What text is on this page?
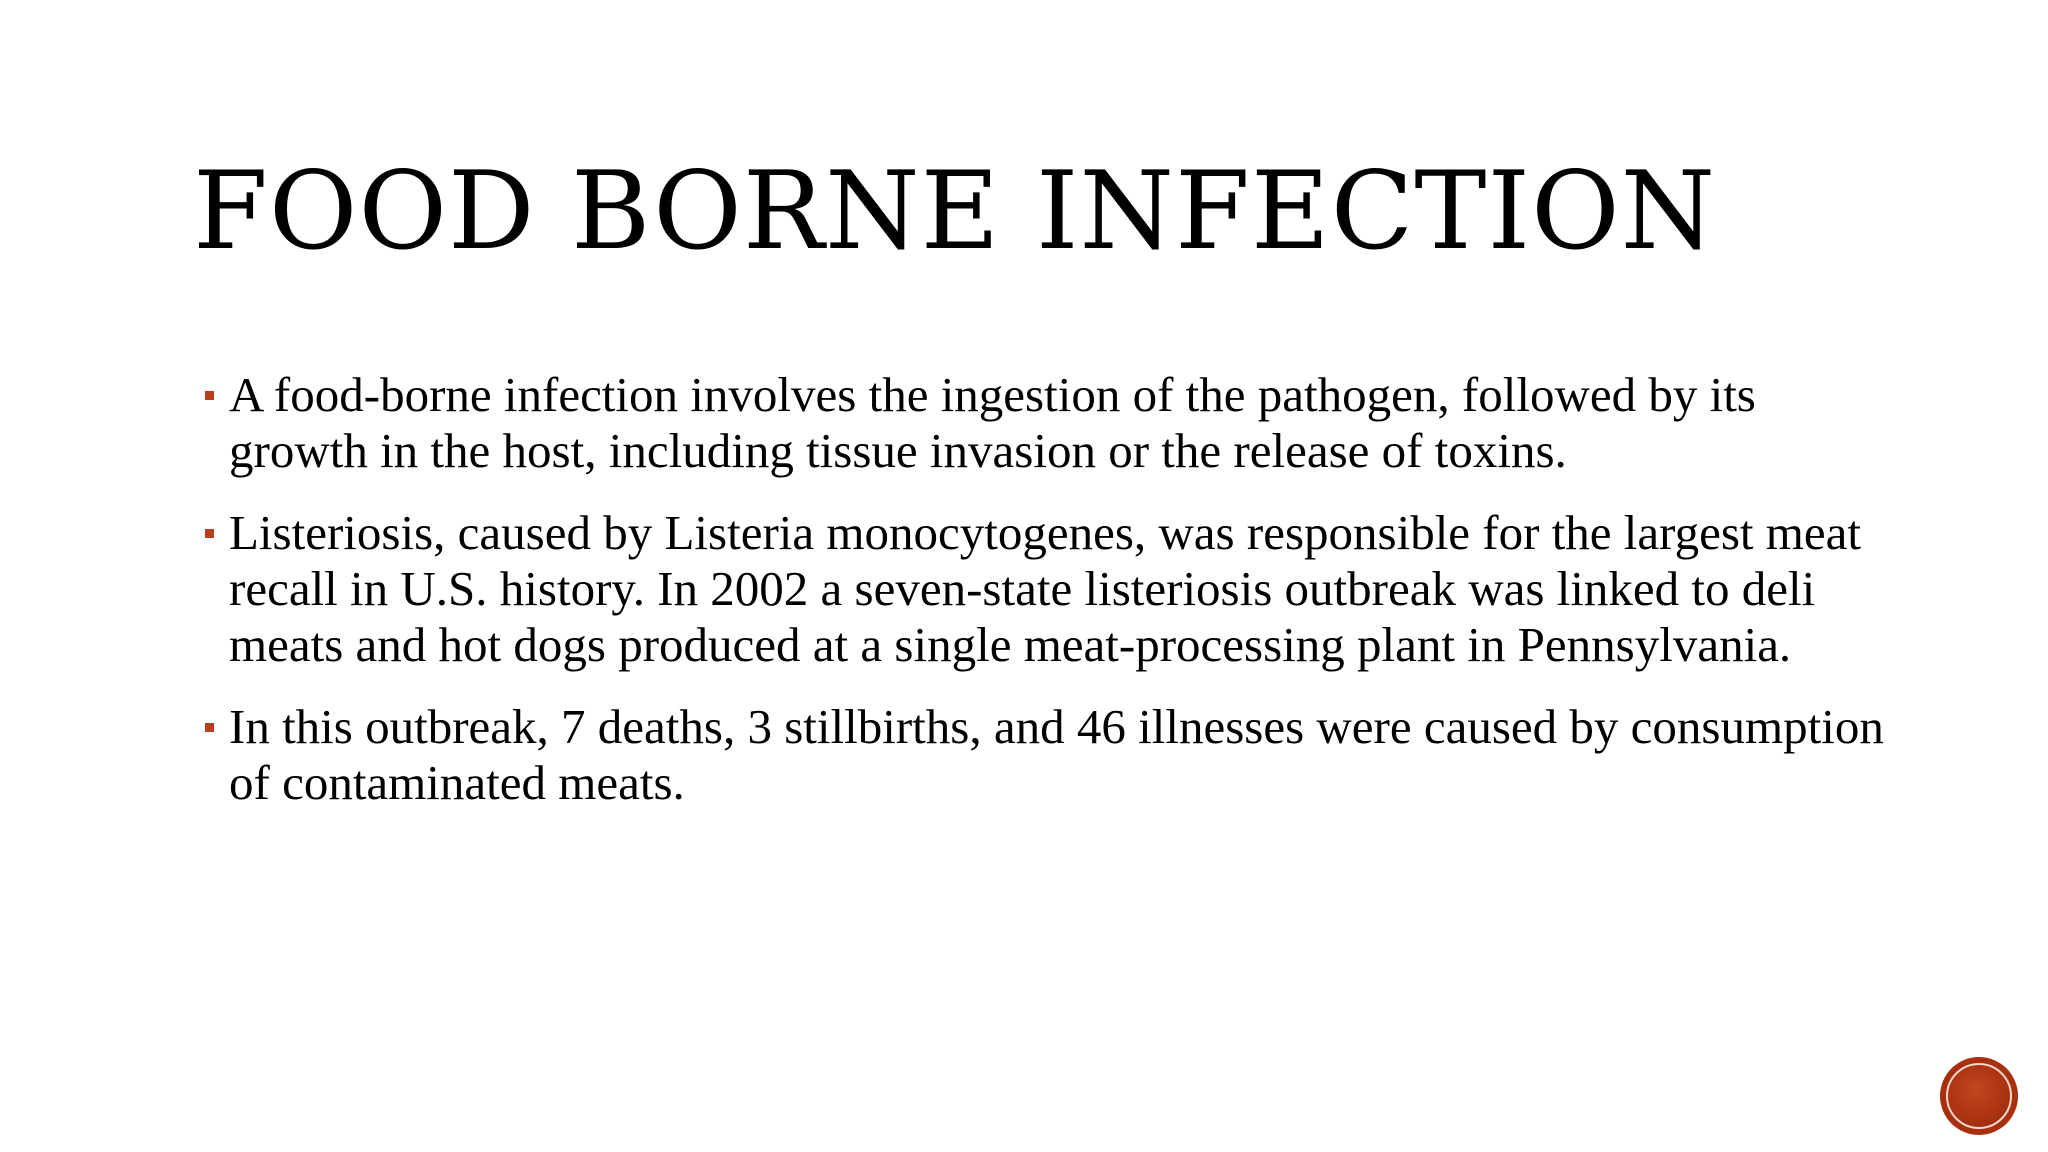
FOOD BORNE INFECTION
A food-borne infection involves the ingestion of the pathogen, followed by its growth in the host, including tissue invasion or the release of toxins.
Listeriosis, caused by Listeria monocytogenes, was responsible for the largest meat recall in U.S. history. In 2002 a seven-state listeriosis outbreak was linked to deli meats and hot dogs produced at a single meat-processing plant in Pennsylvania.
In this outbreak, 7 deaths, 3 stillbirths, and 46 illnesses were caused by consumption of contaminated meats.
